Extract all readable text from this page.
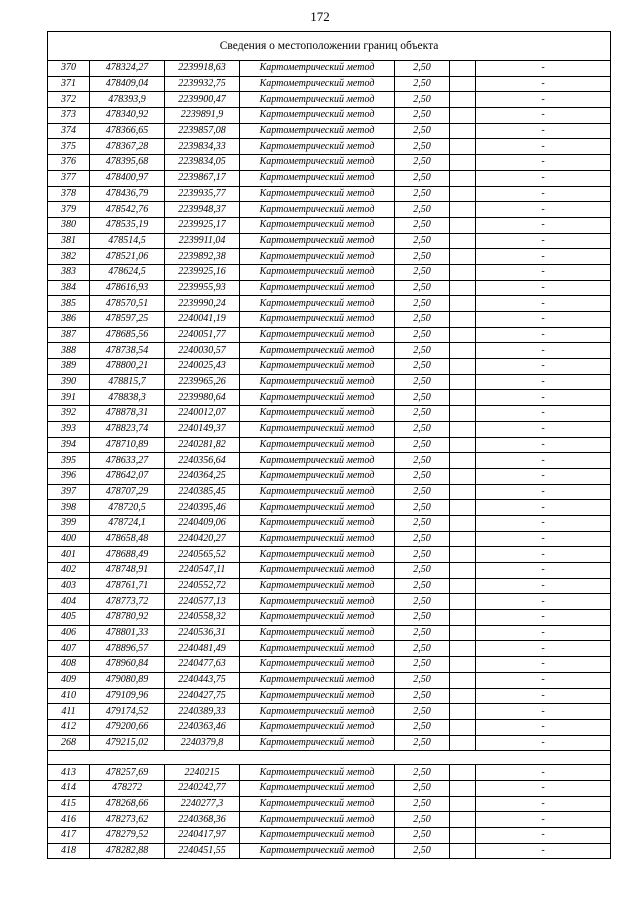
172
Сведения о местоположении границ объекта						
370	478324,27	2239918,63	Картометрический метод	2,50		-
371	478409,04	2239932,75	Картометрический метод	2,50		-
372	478393,9	2239900,47	Картометрический метод	2,50		-
373	478340,92	2239891,9	Картометрический метод	2,50		-
374	478366,65	2239857,08	Картометрический метод	2,50		-
375	478367,28	2239834,33	Картометрический метод	2,50		-
376	478395,68	2239834,05	Картометрический метод	2,50		-
377	478400,97	2239867,17	Картометрический метод	2,50		-
378	478436,79	2239935,77	Картометрический метод	2,50		-
379	478542,76	2239948,37	Картометрический метод	2,50		-
380	478535,19	2239925,17	Картометрический метод	2,50		-
381	478514,5	2239911,04	Картометрический метод	2,50		-
382	478521,06	2239892,38	Картометрический метод	2,50		-
383	478624,5	2239925,16	Картометрический метод	2,50		-
384	478616,93	2239955,93	Картометрический метод	2,50		-
385	478570,51	2239990,24	Картометрический метод	2,50		-
386	478597,25	2240041,19	Картометрический метод	2,50		-
387	478685,56	2240051,77	Картометрический метод	2,50		-
388	478738,54	2240030,57	Картометрический метод	2,50		-
389	478800,21	2240025,43	Картометрический метод	2,50		-
390	478815,7	2239965,26	Картометрический метод	2,50		-
391	478838,3	2239980,64	Картометрический метод	2,50		-
392	478878,31	2240012,07	Картометрический метод	2,50		-
393	478823,74	2240149,37	Картометрический метод	2,50		-
394	478710,89	2240281,82	Картометрический метод	2,50		-
395	478633,27	2240356,64	Картометрический метод	2,50		-
396	478642,07	2240364,25	Картометрический метод	2,50		-
397	478707,29	2240385,45	Картометрический метод	2,50		-
398	478720,5	2240395,46	Картометрический метод	2,50		-
399	478724,1	2240409,06	Картометрический метод	2,50		-
400	478658,48	2240420,27	Картометрический метод	2,50		-
401	478688,49	2240565,52	Картометрический метод	2,50		-
402	478748,91	2240547,11	Картометрический метод	2,50		-
403	478761,71	2240552,72	Картометрический метод	2,50		-
404	478773,72	2240577,13	Картометрический метод	2,50		-
405	478780,92	2240558,32	Картометрический метод	2,50		-
406	478801,33	2240536,31	Картометрический метод	2,50		-
407	478896,57	2240481,49	Картометрический метод	2,50		-
408	478960,84	2240477,63	Картометрический метод	2,50		-
409	479080,89	2240443,75	Картометрический метод	2,50		-
410	479109,96	2240427,75	Картометрический метод	2,50		-
411	479174,52	2240389,33	Картометрический метод	2,50		-
412	479200,66	2240363,46	Картометрический метод	2,50		-
268	479215,02	2240379,8	Картометрический метод	2,50		-

413	478257,69	2240215	Картометрический метод	2,50		-
414	478272	2240242,77	Картометрический метод	2,50		-
415	478268,66	2240277,3	Картометрический метод	2,50		-
416	478273,62	2240368,36	Картометрический метод	2,50		-
417	478279,52	2240417,97	Картометрический метод	2,50		-
418	478282,88	2240451,55	Картометрический метод	2,50		-
